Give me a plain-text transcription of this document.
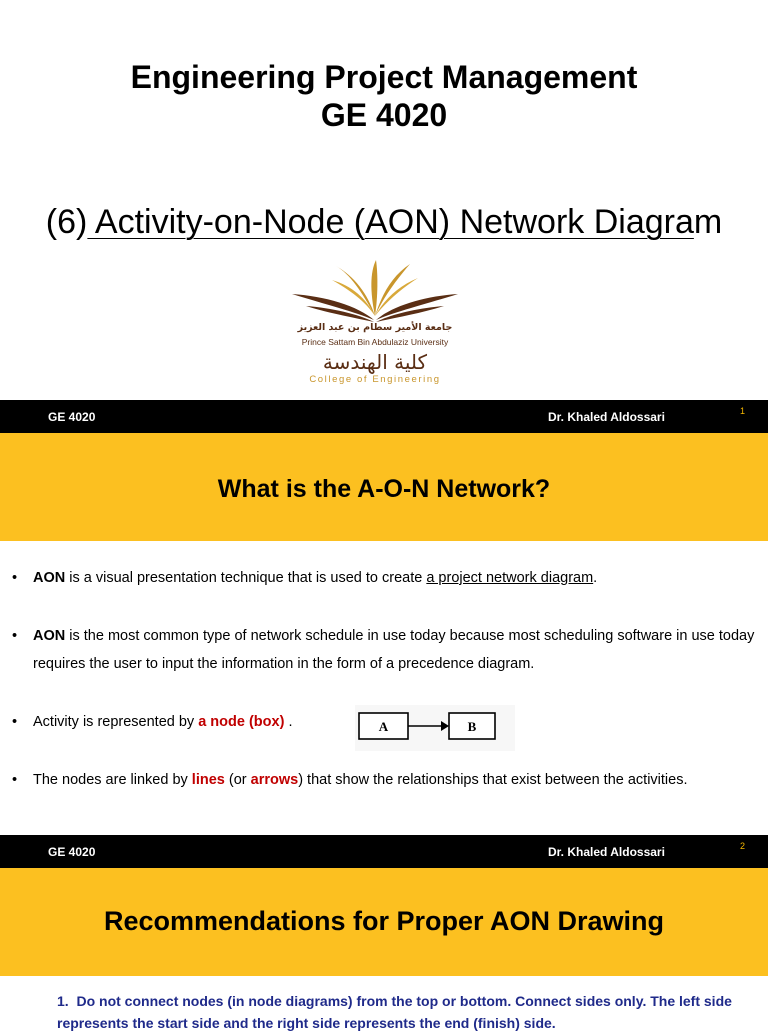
Engineering Project Management
GE 4020
(6) Activity-on-Node (AON) Network Diagram
جامعة الأمير سطام بن عبد العزيز
Prince Sattam Bin Abdulaziz University
كلية الهندسة
College of Engineering
GE 4020	Dr. Khaled Aldossari	1
What is the A-O-N Network?
• AON is a visual presentation technique that is used to create a project network diagram.
• AON is the most common type of network schedule in use today because most scheduling software in use today requires the user to input the information in the form of a precedence diagram.
• Activity is represented by a node (box) .	A	B
• The nodes are linked by lines (or arrows) that show the relationships that exist between the activities.
GE 4020	Dr. Khaled Aldossari	2
Recommendations for Proper AON Drawing
1. Do not connect nodes (in node diagrams) from the top or bottom. Connect sides only. The left side represents the start side and the right side represents the end (finish) side.
